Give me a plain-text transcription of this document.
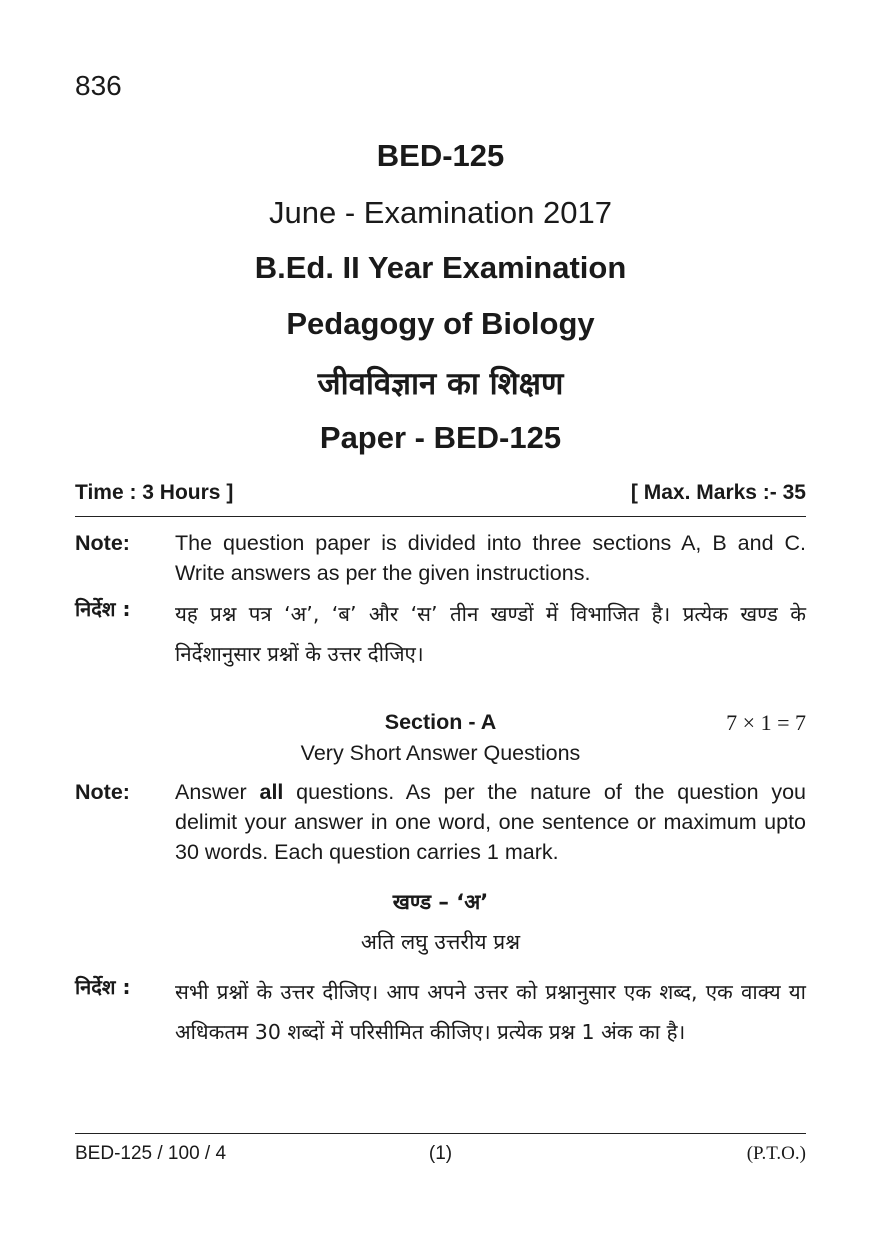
836
BED-125
June - Examination 2017
B.Ed. II Year Examination
Pedagogy of Biology
जीवविज्ञान का शिक्षण
Paper - BED-125
Time : 3 Hours ]	[ Max. Marks :- 35
Note:	The question paper is divided into three sections A, B and C. Write answers as per the given instructions.
निर्देश :	यह प्रश्न पत्र ‘अ’, ‘ब’ और ‘स’ तीन खण्डों में विभाजित है। प्रत्येक खण्ड के निर्देशानुसार प्रश्नों के उत्तर दीजिए।
Section - A	7 × 1 = 7
Very Short Answer Questions
Note:	Answer all questions. As per the nature of the question you delimit your answer in one word, one sentence or maximum upto 30 words. Each question carries 1 mark.
खण्ड – ‘अ’
अति लघु उत्तरीय प्रश्न
निर्देश :	सभी प्रश्नों के उत्तर दीजिए। आप अपने उत्तर को प्रश्नानुसार एक शब्द, एक वाक्य या अधिकतम 30 शब्दों में परिसीमित कीजिए। प्रत्येक प्रश्न 1 अंक का है।
BED-125 / 100 / 4	(1)	(P.T.O.)
